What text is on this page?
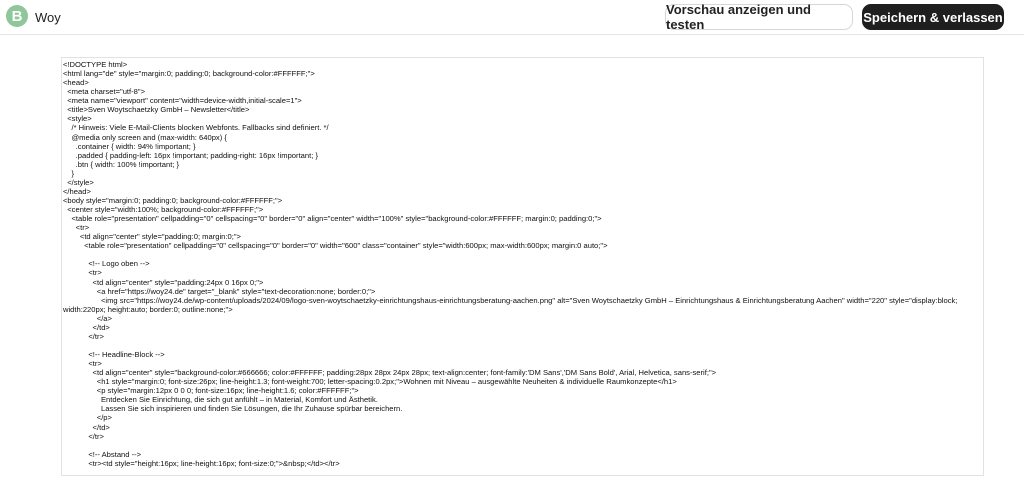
B Woy
Vorschau anzeigen und testen	Speichern & verlassen
<!DOCTYPE html>
<html lang="de" style="margin:0; padding:0; background-color:#FFFFFF;">
<head>
<meta charset="utf-8">
<meta name="viewport" content="width=device-width,initial-scale=1">
<title>Sven Woytschaetzky GmbH – Newsletter</title>
<style>
/* Hinweis: Viele E-Mail-Clients blocken Webfonts. Fallbacks sind definiert. */
@media only screen and (max-width: 640px) {
.container { width: 94% !important; }
.padded { padding-left: 16px !important; padding-right: 16px !important; }
.btn { width: 100% !important; }
}
</style>
</head>
<body style="margin:0; padding:0; background-color:#FFFFFF;">
<center style="width:100%; background-color:#FFFFFF;">
<table role="presentation" cellpadding="0" cellspacing="0" border="0" align="center" width="100%" style="background-color:#FFFFFF; margin:0; padding:0;">
<tr>
<td align="center" style="padding:0; margin:0;">
<table role="presentation" cellpadding="0" cellspacing="0" border="0" width="600" class="container" style="width:600px; max-width:600px; margin:0 auto;">

<!-- Logo oben -->
<tr>
<td align="center" style="padding:24px 0 16px 0;">
<a href="https://woy24.de" target="_blank" style="text-decoration:none; border:0;">
<img src="https://woy24.de/wp-content/uploads/2024/09/logo-sven-woytschaetzky-einrichtungshaus-einrichtungsberatung-aachen.png" alt="Sven Woytschaetzky GmbH – Einrichtungshaus & Einrichtungsberatung Aachen" width="220" style="display:block; width:220px; height:auto; border:0; outline:none;">
</a>
</td>
</tr>

<!-- Headline-Block -->
<tr>
<td align="center" style="background-color:#666666; color:#FFFFFF; padding:28px 28px 24px 28px; text-align:center; font-family:'DM Sans','DM Sans Bold', Arial, Helvetica, sans-serif;">
<h1 style="margin:0; font-size:26px; line-height:1.3; font-weight:700; letter-spacing:0.2px;">Wohnen mit Niveau – ausgewählte Neuheiten & individuelle Raumkonzepte</h1>
<p style="margin:12px 0 0 0; font-size:16px; line-height:1.6; color:#FFFFFF;">
Entdecken Sie Einrichtung, die sich gut anfühlt – in Material, Komfort und Ästhetik.
Lassen Sie sich inspirieren und finden Sie Lösungen, die Ihr Zuhause spürbar bereichern.
</p>
</td>
</tr>

<!-- Abstand -->
<tr><td style="height:16px; line-height:16px; font-size:0;">&nbsp;</td></tr>
